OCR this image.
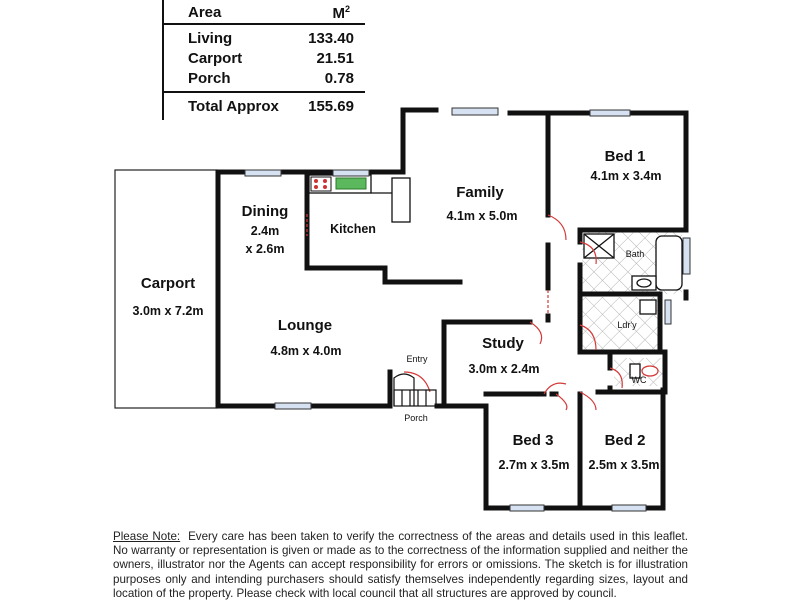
Area	$M^2$
Living	133.40
Carport	21.51
Porch	0.78
Total Approx 155.69
Carport
3.0m x 7.2m
Dining
2.4m
x 2.6m
Kitchen
Family
4.1m x 5.0m
Bed 1
4.1m x 3.4m
Bath
Ldr'y
WC
Lounge
4.8m x 4.0m	Study
3.0m x 2.4m
Entry
Porch
Bed 3
2.7m x 3.5m
Bed 2
2.5m x 3.5m
Please Note: Every care has been taken to verify the correctness of the areas and details used in this leaflet. No warranty or representation is given or made as to the correctness of the information supplied and neither the owners, illustrator nor the Agents can accept responsibility for errors or omissions. The sketch is for illustration purposes only and intending purchasers should satisfy themselves independently regarding sizes, layout and location of the property. Please check with local council that all structures are approved by council.
